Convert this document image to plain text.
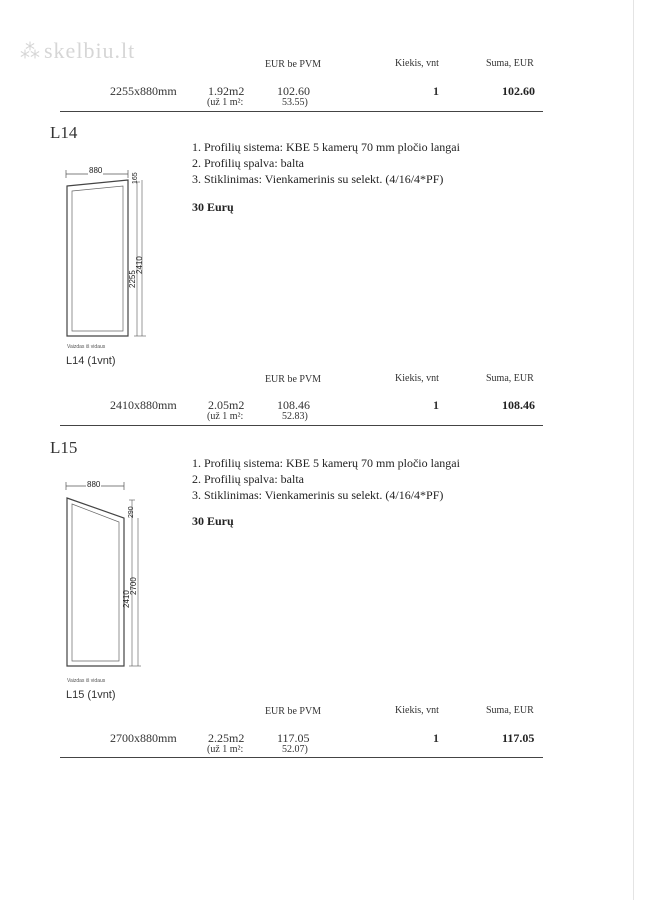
⁂ skelbiu.lt
EUR be PVM	Kiekis, vnt	Suma, EUR
2255x880mm	1.92m2	102.60	1	102.60
(už 1 m²:	53.55)
L14
1. Profilių sistema: KBE 5 kamerų 70 mm pločio langai
2. Profilių spalva: balta
3. Stiklinimas: Vienkamerinis su selekt. (4/16/4*PF)
30 Eurų
880
165
2255
2410
Vaizdas iš vidaus
L14 (1vnt)
EUR be PVM	Kiekis, vnt	Suma, EUR
2410x880mm	2.05m2	108.46	1	108.46
(už 1 m²:	52.83)
L15
1. Profilių sistema: KBE 5 kamerų 70 mm pločio langai
2. Profilių spalva: balta
3. Stiklinimas: Vienkamerinis su selekt. (4/16/4*PF)
30 Eurų
880
290
2410
2700
Vaizdas iš vidaus
L15 (1vnt)
EUR be PVM	Kiekis, vnt	Suma, EUR
2700x880mm	2.25m2	117.05	1	117.05
(už 1 m²:	52.07)
